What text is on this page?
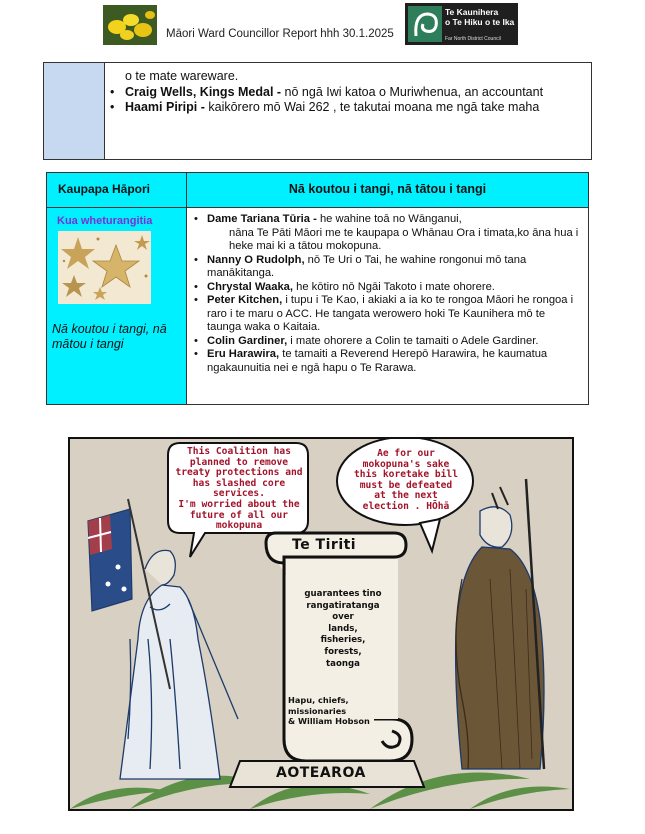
Māori Ward Councillor Report hhh 30.1.2025
Te Kaunihera
o Te Hiku o te Ika
Far North District Council
o te mate wareware.
• Craig Wells, Kings Medal - nō ngā Iwi katoa o Muriwhenua, an accountant
• Haami Piripi - kaikōrero mō Wai 262 , te takutai moana me ngā take maha
Kaupapa Hāpori	Nā koutou i tangi, nā tātou i tangi
Kua wheturangitia
Nā koutou i tangi, nā mātou i tangi
• Dame Tariana Tūria - he wahine toā no Wānganui,
nāna Te Pāti Māori me te kaupapa o Whānau Ora i timata,ko āna hua i heke mai ki a tātou mokopuna.
• Nanny O Rudolph, nō Te Uri o Tai, he wahine rongonui mō tana manākitanga.
• Chrystal Waaka, he kōtiro nō Ngāi Takoto i mate ohorere.
• Peter Kitchen, i tupu i Te Kao, i akiaki a ia ko te rongoa Māori he rongoa i raro i te maru o ACC. He tangata werowero hoki Te Kaunihera mō te taunga waka o Kaitaia.
• Colin Gardiner, i mate ohorere a Colin te tamaiti o Adele Gardiner.
• Eru Harawira, te tamaiti a Reverend Herepō Harawira, he kaumatua ngakaunuitia nei e ngā hapu o Te Rarawa.
This Coalition has
planned to remove
treaty protections and
has slashed core
services.
I'm worried about the
future of all our
mokopuna
Ae for our
mokopuna's sake
this koretake bill
must be defeated
at the next
election . HŌhā
Te Tiriti
guarantees tino
rangatiratanga
over
lands,
fisheries,
forests,
taonga
Hapu, chiefs,
missionaries
& William Hobson
AOTEAROA
